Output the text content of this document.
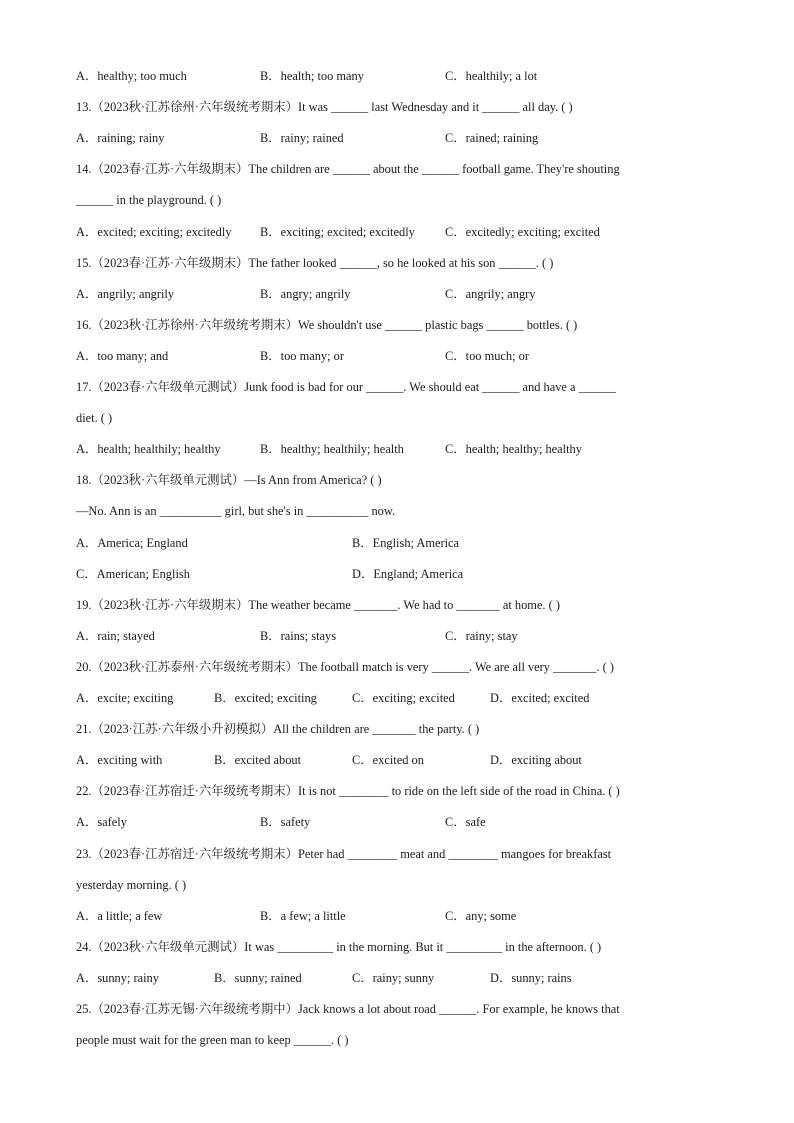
A．healthy; too much	B．health; too many	C．healthily; a lot
13.（2023秋·江苏徐州·六年级统考期末）It was ______ last Wednesday and it ______ all day. ( )
A．raining; rainy	B．rainy; rained	C．rained; raining
14.（2023春·江苏·六年级期末）The children are ______ about the ______ football game. They're shouting
______ in the playground. ( )
A．excited; exciting; excitedly B．exciting; excited; excitedly C．excitedly; exciting; excited
15.（2023春·江苏·六年级期末）The father looked ______, so he looked at his son ______. ( )
A．angrily; angrily	B．angry; angrily	C．angrily; angry
16.（2023秋·江苏徐州·六年级统考期末）We shouldn't use ______ plastic bags ______ bottles. ( )
A．too many; and	B．too many; or	C．too much; or
17.（2023春·六年级单元测试）Junk food is bad for our ______. We should eat ______ and have a ______
diet. ( )
A．health; healthily; healthy	B．healthy; healthily; health	C．health; healthy; healthy
18.（2023秋·六年级单元测试）—Is Ann from America? ( )
—No. Ann is an __________ girl, but she's in __________ now.
A．America; England	B．English; America
C．American; English	D．England; America
19.（2023秋·江苏·六年级期末）The weather became _______. We had to _______ at home. ( )
A．rain; stayed	B．rains; stays	C．rainy; stay
20.（2023秋·江苏泰州·六年级统考期末）The football match is very ______. We are all very _______. ( )
A．excite; exciting	B．excited; exciting	C．exciting; excited	D．excited; excited
21.（2023·江苏·六年级小升初模拟）All the children are _______ the party. ( )
A．exciting with	B．excited about	C．excited on	D．exciting about
22.（2023春·江苏宿迁·六年级统考期末）It is not ________ to ride on the left side of the road in China. ( )
A．safely	B．safety	C．safe
23.（2023春·江苏宿迁·六年级统考期末）Peter had ________ meat and ________ mangoes for breakfast
yesterday morning. ( )
A．a little; a few	B．a few; a little	C．any; some
24.（2023秋·六年级单元测试）It was _________ in the morning. But it _________ in the afternoon. ( )
A．sunny; rainy	B．sunny; rained	C．rainy; sunny	D．sunny; rains
25.（2023春·江苏无锡·六年级统考期中）Jack knows a lot about road ______. For example, he knows that
people must wait for the green man to keep ______. ( )
